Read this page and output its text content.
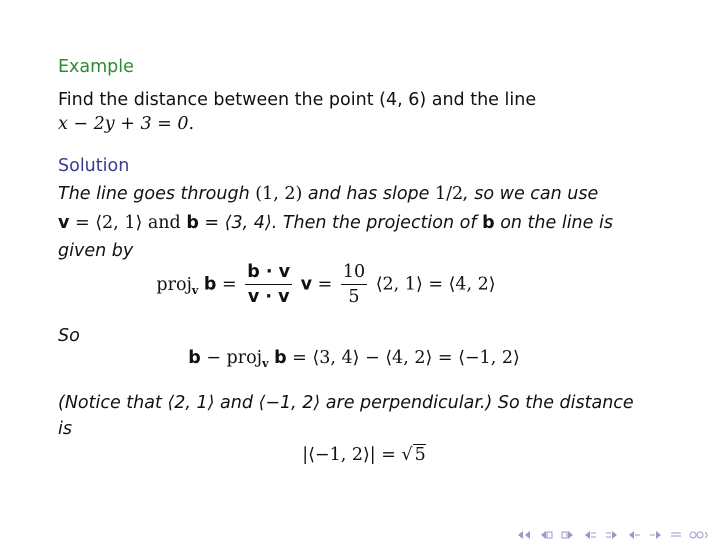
Example
Find the distance between the point (4, 6) and the line
x − 2y + 3 = 0.
Solution
The line goes through (1, 2) and has slope 1/2, so we can use
v = ⟨2, 1⟩ and b = ⟨3, 4⟩. Then the projection of b on the line is
given by
proj$_v$ $b = \frac{b \cdot v}{v \cdot v}$ $v = \frac{10}{5}$ ⟨2, 1⟩ = ⟨4, 2⟩
So
b − proj$_v$ b = ⟨3, 4⟩ − ⟨4, 2⟩ = ⟨−1, 2⟩
(Notice that ⟨2, 1⟩ and ⟨−1, 2⟩ are perpendicular.) So the distance
is
|⟨−1, 2⟩| = √ 5
